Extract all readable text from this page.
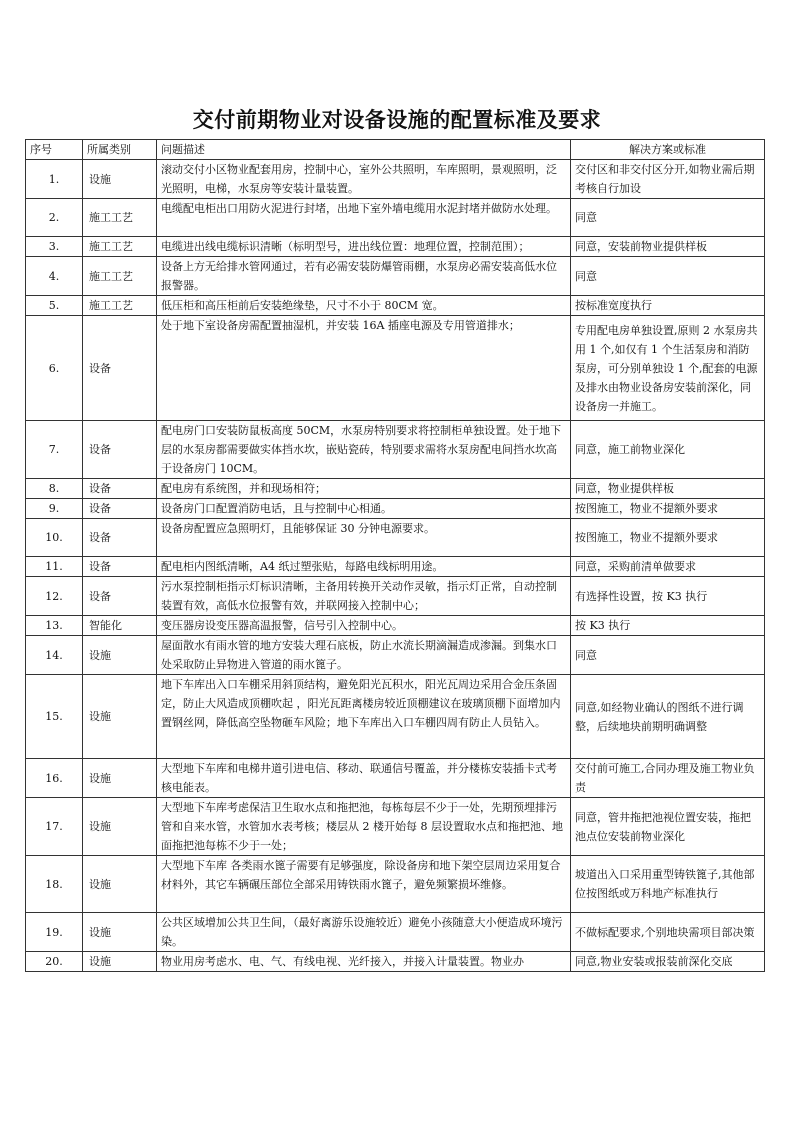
交付前期物业对设备设施的配置标准及要求
序号	所属类别	问题描述	解决方案或标准
1.	设施	滚动交付小区物业配套用房，控制中心，室外公共照明，车库照明，景观照明，泛光照明，电梯，水泵房等安装计量装置。	交付区和非交付区分开,如物业需后期考核自行加设
2.	施工工艺	电缆配电柜出口用防火泥进行封堵，出地下室外墙电缆用水泥封堵并做防水处理。	同意
3.	施工工艺	电缆进出线电缆标识清晰（标明型号，进出线位置：地理位置，控制范围）；	同意，安装前物业提供样板
4.	施工工艺	设备上方无给排水管网通过，若有必需安装防爆管雨棚，水泵房必需安装高低水位报警器。	同意
5.	施工工艺	低压柜和高压柜前后安装绝缘垫，尺寸不小于 80CM 宽。	按标准宽度执行
6.	设备	处于地下室设备房需配置抽湿机，并安装 16A 插座电源及专用管道排水；	专用配电房单独设置,原则 2 水泵房共用 1 个,如仅有 1 个生活泵房和消防泵房，可分别单独设 1 个,配套的电源及排水由物业设备房安装前深化，同设备房一并施工。
7.	设备	配电房门口安装防鼠板高度 50CM，水泵房特别要求将控制柜单独设置。处于地下层的水泵房都需要做实体挡水坎，嵌贴瓷砖，特别要求需将水泵房配电间挡水坎高于设备房门 10CM。	同意，施工前物业深化
8.	设备	配电房有系统图，并和现场相符；	同意，物业提供样板
9.	设备	设备房门口配置消防电话，且与控制中心相通。	按图施工，物业不提额外要求
10.	设备	设备房配置应急照明灯，且能够保证 30 分钟电源要求。	按图施工，物业不提额外要求
11.	设备	配电柜内图纸清晰，A4 纸过塑张贴，每路电线标明用途。	同意，采购前清单做要求
12.	设备	污水泵控制柜指示灯标识清晰，主备用转换开关动作灵敏，指示灯正常，自动控制装置有效，高低水位报警有效，并联网接入控制中心；	有选择性设置，按 K3 执行
13.	智能化	变压器房设变压器高温报警，信号引入控制中心。	按 K3 执行
14.	设施	屋面散水有雨水管的地方安装大理石底板，防止水流长期滴漏造成渗漏。到集水口处采取防止异物进入管道的雨水篦子。	同意
15.	设施	地下车库出入口车棚采用斜顶结构，避免阳光瓦积水，阳光瓦周边采用合金压条固定，防止大风造成顶棚吹起 ，阳光瓦距离楼房较近顶棚建议在玻璃顶棚下面增加内置钢丝网，降低高空坠物砸车风险；地下车库出入口车棚四周有防止人员钻入。	同意,如经物业确认的图纸不进行调整，后续地块前期明确调整
16.	设施	大型地下车库和电梯井道引进电信、移动、联通信号覆盖，并分楼栋安装插卡式考核电能表。	交付前可施工,合同办理及施工物业负责
17.	设施	大型地下车库考虑保洁卫生取水点和拖把池，每栋每层不少于一处，先期预埋排污管和自来水管，水管加水表考核；楼层从 2 楼开始每 8 层设置取水点和拖把池、地面拖把池每栋不少于一处；	同意，管井拖把池视位置安装，拖把池点位安装前物业深化
18.	设施	大型地下车库 各类雨水篦子需要有足够强度，除设备房和地下架空层周边采用复合材料外，其它车辆碾压部位全部采用铸铁雨水篦子，避免频繁损坏维修。	坡道出入口采用重型铸铁篦子,其他部位按图纸或万科地产标准执行
19.	设施	公共区域增加公共卫生间，（最好离游乐设施较近）避免小孩随意大小便造成环境污染。	不做标配要求,个别地块需项目部决策
20.	设施	物业用房考虑水、电、气、有线电视、光纤接入，并接入计量装置。物业办	同意,物业安装或报装前深化交底
